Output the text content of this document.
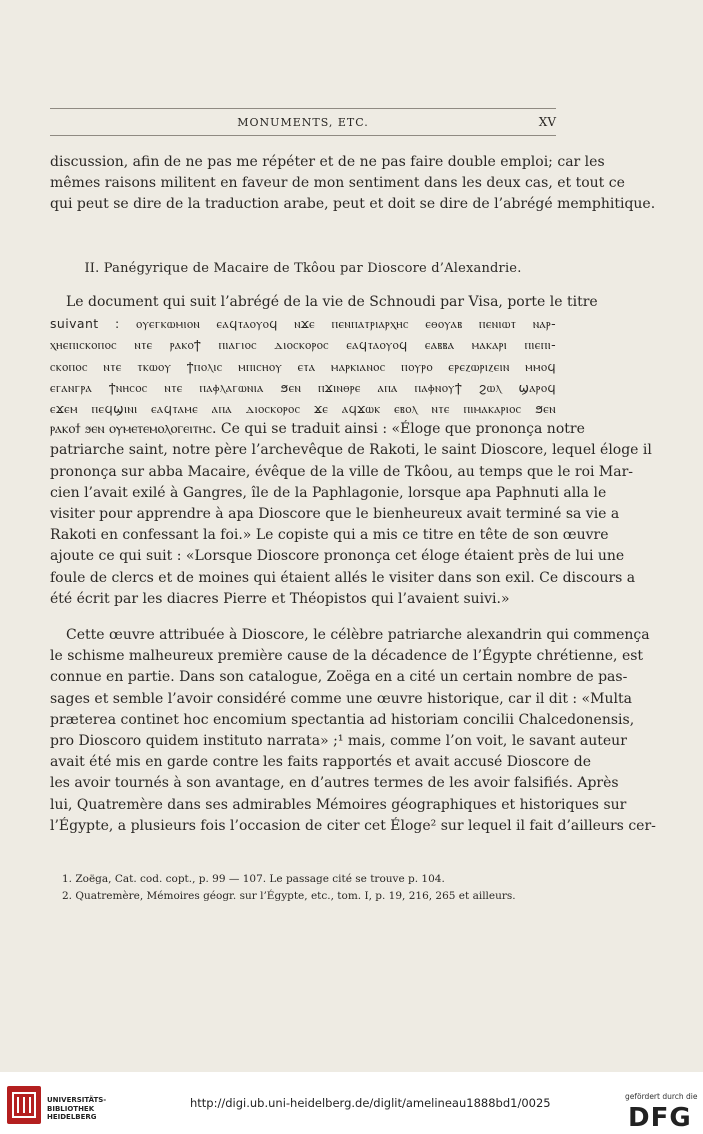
MONUMENTS, ETC.	XV
discussion, afin de ne pas me répéter et de ne pas faire double emploi; car les
mêmes raisons militent en faveur de mon sentiment dans les deux cas, et tout ce
qui peut se dire de la traduction arabe, peut et doit se dire de l’abrégé memphitique.
II. Panégyrique de Macaire de Tkôou par Dioscore d’Alexandrie.
Le document qui suit l’abrégé de la vie de Schnoudi par Visa, porte le titre
suivant : ⲟⲩⲉⲅⲕⲱⲙⲓⲟⲛ ⲉⲁϥⲧⲁⲟⲩⲟϥ ⲛϫⲉ ⲡⲉⲛⲡⲁⲧⲣⲓⲁⲣⲭⲏⲥ ⲉⲑⲟⲩⲁⲃ ⲡⲉⲛⲓⲱⲧ ⲛⲁⲣ-
ⲭⲏⲉⲡⲓⲥⲕⲟⲡⲟⲥ ⲛⲧⲉ ⲣⲁⲕⲟϯ ⲡⲓⲁⲅⲓⲟⲥ ⲇⲓⲟⲥⲕⲟⲣⲟⲥ ⲉⲁϥⲧⲁⲟⲩⲟϥ ⲉⲁⲃⲃⲁ ⲙⲁⲕⲁⲣⲓ ⲡⲓⲉⲡⲓ-
ⲥⲕⲟⲡⲟⲥ ⲛⲧⲉ ⲧⲕⲱⲟⲩ ϯⲡⲟⲗⲓⲥ ⲙⲡⲓⲥⲏⲟⲩ ⲉⲧⲁ ⲙⲁⲣⲕⲓⲁⲛⲟⲥ ⲡⲟⲩⲣⲟ ⲉⲣⲉⲍⲱⲣⲓⲍⲉⲓⲛ ⲙⲙⲟϥ
ⲉⲅⲁⲛⲅⲣⲁ ϯⲛⲏⲥⲟⲥ ⲛⲧⲉ ⲡⲁⲫⲗⲁⲅⲱⲛⲓⲁ ϧⲉⲛ ⲡϫⲓⲛⲑⲣⲉ ⲁⲡⲁ ⲡⲁⲫⲛⲟⲩϯ ϩⲱⲗ ϣⲁⲣⲟϥ
ⲉϫⲉⲙ ⲡⲉϥϣⲓⲛⲓ ⲉⲁϥⲧⲁⲙⲉ ⲁⲡⲁ ⲇⲓⲟⲥⲕⲟⲣⲟⲥ ϫⲉ ⲁϥϫⲱⲕ ⲉⲃⲟⲗ ⲛⲧⲉ ⲡⲓⲙⲁⲕⲁⲣⲓⲟⲥ ϧⲉⲛ
ⲣⲁⲕⲟϯ ϧⲉⲛ ⲟⲩⲙⲉⲧⲉⲙⲟⲗⲟⲅⲉⲓⲧⲏⲥ. Ce qui se traduit ainsi : «Éloge que prononça notre
patriarche saint, notre père l’archevêque de Rakoti, le saint Dioscore, lequel éloge il
prononça sur abba Macaire, évêque de la ville de Tkôou, au temps que le roi Mar-
cien l’avait exilé à Gangres, île de la Paphlagonie, lorsque apa Paphnuti alla le
visiter pour apprendre à apa Dioscore que le bienheureux avait terminé sa vie a
Rakoti en confessant la foi.» Le copiste qui a mis ce titre en tête de son œuvre
ajoute ce qui suit : «Lorsque Dioscore prononça cet éloge étaient près de lui une
foule de clercs et de moines qui étaient allés le visiter dans son exil. Ce discours a
été écrit par les diacres Pierre et Théopistos qui l’avaient suivi.»
Cette œuvre attribuée à Dioscore, le célèbre patriarche alexandrin qui commença
le schisme malheureux première cause de la décadence de l’Égypte chrétienne, est
connue en partie. Dans son catalogue, Zoëga en a cité un certain nombre de pas-
sages et semble l’avoir considéré comme une œuvre historique, car il dit : «Multa
præterea continet hoc encomium spectantia ad historiam concilii Chalcedonensis,
pro Dioscoro quidem instituto narrata» ;¹ mais, comme l’on voit, le savant auteur
avait été mis en garde contre les faits rapportés et avait accusé Dioscore de
les avoir tournés à son avantage, en d’autres termes de les avoir falsifiés. Après
lui, Quatremère dans ses admirables Mémoires géographiques et historiques sur
l’Égypte, a plusieurs fois l’occasion de citer cet Éloge² sur lequel il fait d’ailleurs cer-
1. Zoëga, Cat. cod. copt., p. 99 — 107. Le passage cité se trouve p. 104.
2. Quatremère, Mémoires géogr. sur l’Égypte, etc., tom. I, p. 19, 216, 265 et ailleurs.
UNIVERSITÄTS-
BIBLIOTHEK
HEIDELBERG
http://digi.ub.uni-heidelberg.de/diglit/amelineau1888bd1/0025	gefördert durch die
DFG
